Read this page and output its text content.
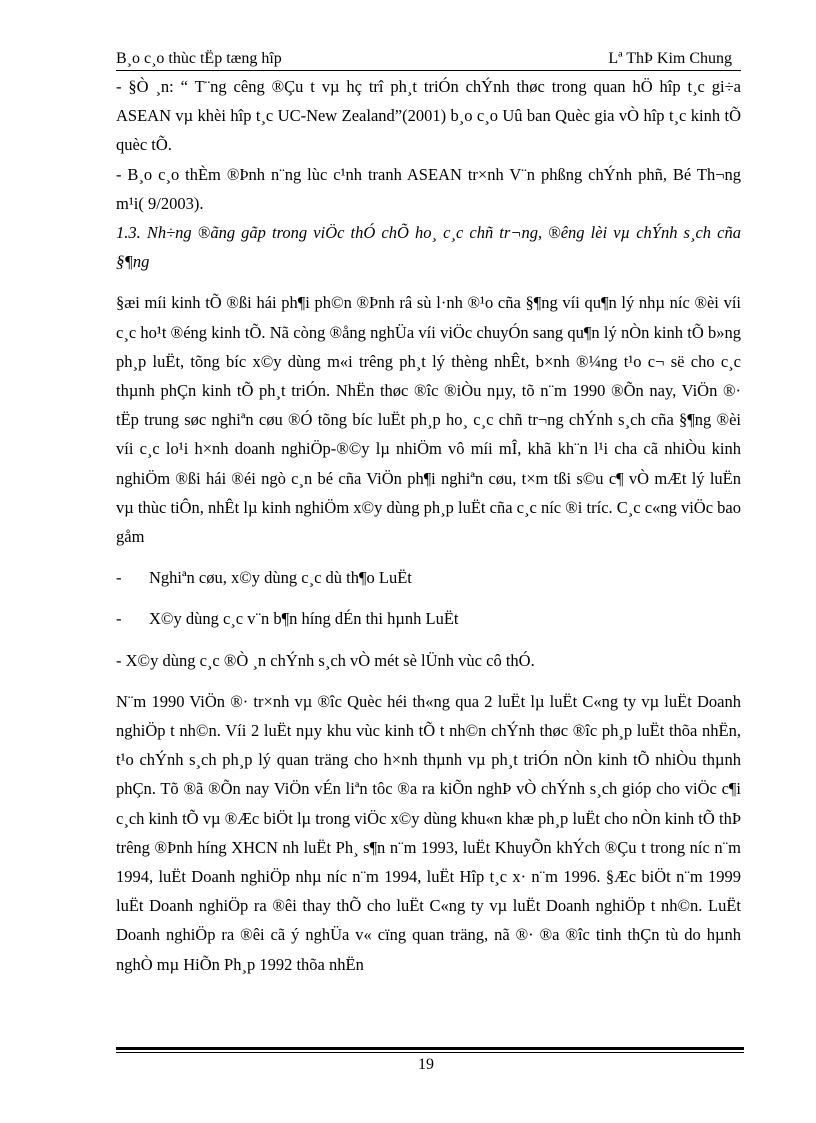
B¸o c¸o thùc tËp tæng hîp	Lª ThÞ Kim Chung

- §Ò ¸n: “ T¨ng cêng ®Çu t vµ hç trî ph¸t triÓn chÝnh thøc trong quan hÖ hîp t¸c gi÷a ASEAN vµ khèi hîp t¸c UC-New Zealand”(2001) b¸o c¸o Uû ban Quèc gia vÒ hîp t¸c kinh tÕ quèc tÕ.

- B¸o c¸o thÈm ®Þnh n¨ng lùc c¹nh tranh ASEAN tr×nh V¨n phßng chÝnh phñ, Bé Th¬ng m¹i( 9/2003).

1.3. Nh÷ng ®ãng gãp trong viÖc thÓ chÕ ho¸ c¸c chñ tr¬ng, ®êng lèi vµ chÝnh s¸ch cña §¶ng

§æi míi kinh tÕ ®ßi hái ph¶i ph©n ®Þnh râ sù l·nh ®¹o cña §¶ng víi qu¶n lý nhµ níc ®èi víi c¸c ho¹t ®éng kinh tÕ. Nã còng ®ång nghÜa víi viÖc chuyÓn sang qu¶n lý nÒn kinh tÕ b»ng ph¸p luËt, tõng bíc x©y dùng m«i trêng ph¸t lý thèng nhÊt, b×nh ®¼ng t¹o c¬ së cho c¸c thµnh phÇn kinh tÕ ph¸t triÓn. NhËn thøc ®îc ®iÒu nµy, tõ n¨m 1990 ®Õn nay, ViÖn ®· tËp trung søc nghiªn cøu ®Ó tõng bíc luËt ph¸p ho¸ c¸c chñ tr¬ng chÝnh s¸ch cña §¶ng ®èi víi c¸c lo¹i h×nh doanh nghiÖp-®©y lµ nhiÖm vô míi mÎ, khã kh¨n l¹i cha cã nhiÒu kinh nghiÖm ®ßi hái ®éi ngò c¸n bé cña ViÖn ph¶i nghiªn cøu, t×m tßi s©u c¶ vÒ mÆt lý luËn vµ thùc tiÔn, nhÊt lµ kinh nghiÖm x©y dùng ph¸p luËt cña c¸c níc ®i tríc. C¸c c«ng viÖc bao gåm

-	Nghiªn cøu, x©y dùng c¸c dù th¶o LuËt

-	X©y dùng c¸c v¨n b¶n híng dÉn thi hµnh LuËt

- X©y dùng c¸c ®Ò ¸n chÝnh s¸ch vÒ mét sè lÜnh vùc cô thÓ.

N¨m 1990 ViÖn ®· tr×nh vµ ®îc Quèc héi th«ng qua 2 luËt lµ luËt C«ng ty vµ luËt Doanh nghiÖp t nh©n. Víi 2 luËt nµy khu vùc kinh tÕ t nh©n chÝnh thøc ®îc ph¸p luËt thõa nhËn, t¹o chÝnh s¸ch ph¸p lý quan träng cho h×nh thµnh vµ ph¸t triÓn nÒn kinh tÕ nhiÒu thµnh phÇn. Tõ ®ã ®Õn nay ViÖn vÉn liªn tôc ®a ra kiÕn nghÞ vÒ chÝnh s¸ch gióp cho viÖc c¶i c¸ch kinh tÕ vµ ®Æc biÖt lµ trong viÖc x©y dùng khu«n khæ ph¸p luËt cho nÒn kinh tÕ thÞ trêng ®Þnh híng XHCN nh luËt Ph¸ s¶n n¨m 1993, luËt KhuyÕn khÝch ®Çu t trong níc n¨m 1994, luËt Doanh nghiÖp nhµ níc n¨m 1994, luËt Hîp t¸c x· n¨m 1996. §Æc biÖt n¨m 1999 luËt Doanh nghiÖp ra ®êi thay thÕ cho luËt C«ng ty vµ luËt Doanh nghiÖp t nh©n. LuËt Doanh nghiÖp ra ®êi cã ý nghÜa v« cïng quan träng, nã ®· ®a ®îc tinh thÇn tù do hµnh nghÒ mµ HiÕn Ph¸p 1992 thõa nhËn

19
